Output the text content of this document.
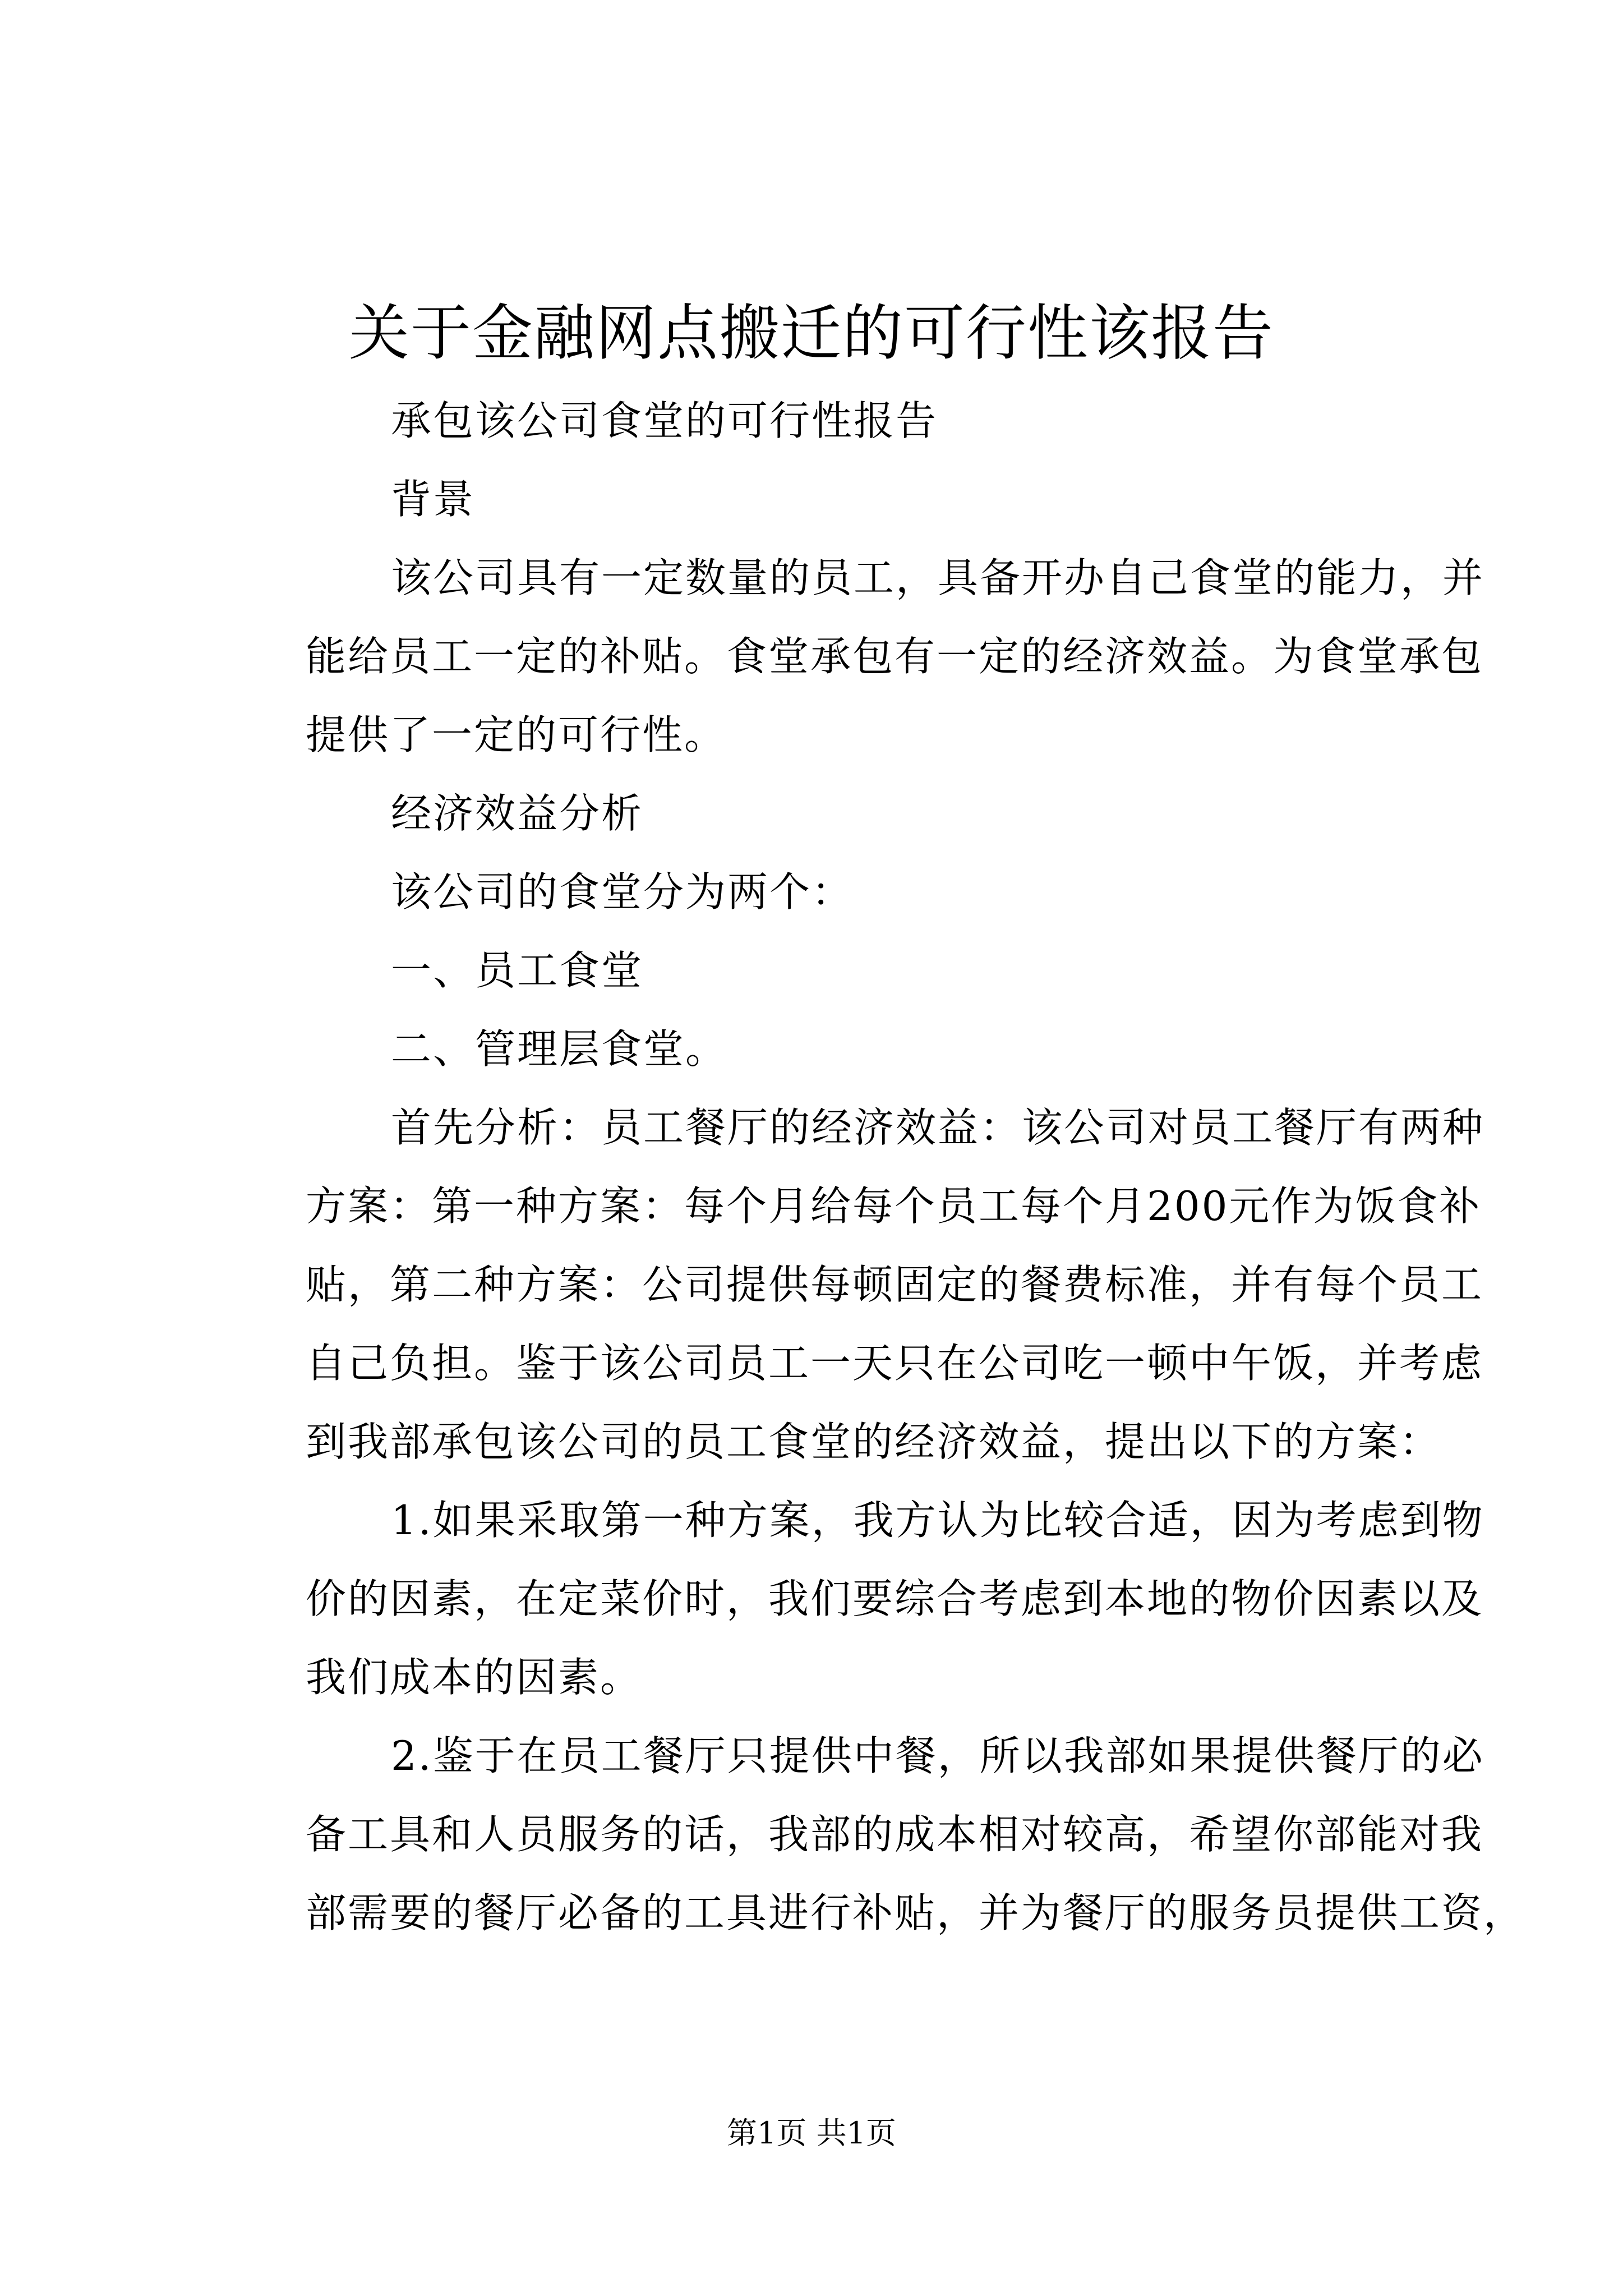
关于金融网点搬迁的可行性该报告
承包该公司食堂的可行性报告
背景
该公司具有一定数量的员工，具备开办自己食堂的能力，并
能给员工一定的补贴。食堂承包有一定的经济效益。为食堂承包
提供了一定的可行性。
经济效益分析
该公司的食堂分为两个：
一、员工食堂
二、管理层食堂。
首先分析：员工餐厅的经济效益：该公司对员工餐厅有两种
方案：第一种方案：每个月给每个员工每个月200元作为饭食补
贴，第二种方案：公司提供每顿固定的餐费标准，并有每个员工
自己负担。鉴于该公司员工一天只在公司吃一顿中午饭，并考虑
到我部承包该公司的员工食堂的经济效益，提出以下的方案：
1.如果采取第一种方案，我方认为比较合适，因为考虑到物
价的因素，在定菜价时，我们要综合考虑到本地的物价因素以及
我们成本的因素。
2.鉴于在员工餐厅只提供中餐，所以我部如果提供餐厅的必
备工具和人员服务的话，我部的成本相对较高，希望你部能对我
部需要的餐厅必备的工具进行补贴，并为餐厅的服务员提供工资，
第1页 共1页
